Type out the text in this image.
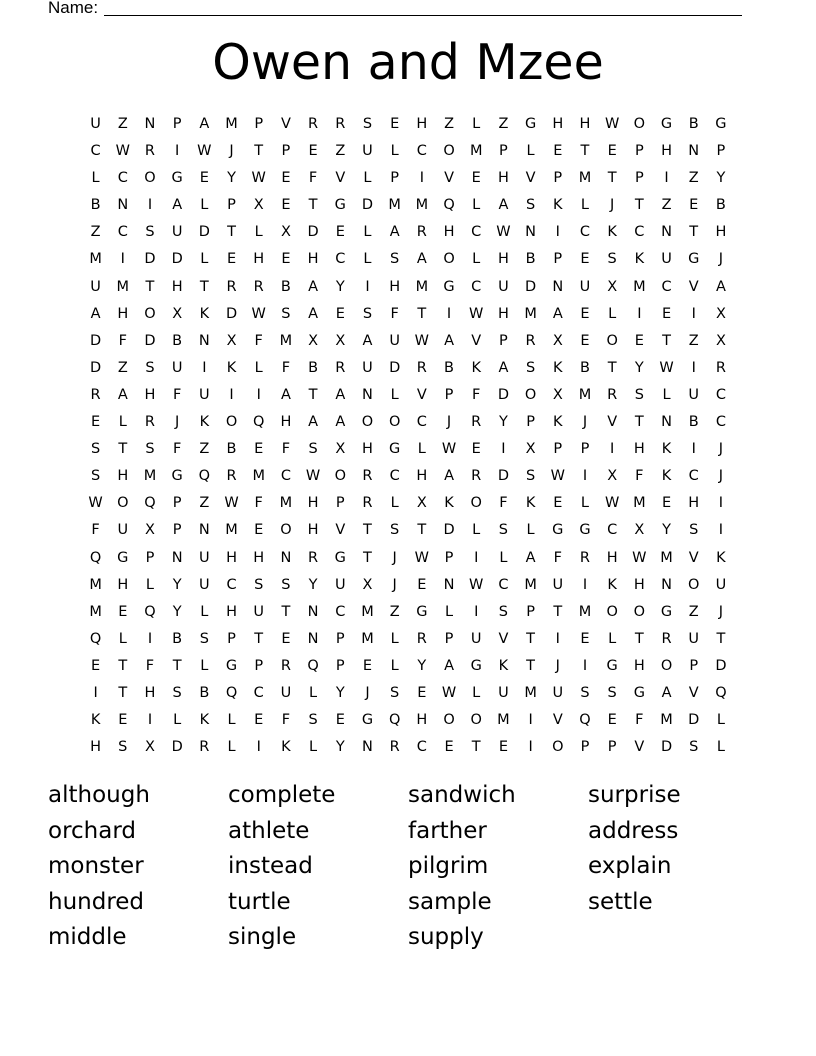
Name:
Owen and Mzee
U	Z	N	P	A	M	P	V	R	R	S	E	H	Z	L	Z	G	H	H	W O	G	B	G
C	W	R	I	W	J	T	P	E	Z	U	L	C	O	M	P	L	E	T	E	P	H	N	P
L	C	O	G	E	Y	W	E	F	V	L	P	I	V	E	H	V	P	M	T	P	I	Z	Y
B	N	I	A	L	P	X	E	T	G	D	M	M	Q	L	A	S	K	L	J	T	Z	E	B
Z	C	S	U	D	T	L	X	D	E	L	A	R	H	C	W	N	I	C	K	C	N	T	H
M	I	D	D	L	E	H	E	H	C	L	S	A	O	L	H	B	P	E	S	K	U	G	J
U	M	T	H	T	R	R	B	A	Y	I	H	M	G	C	U	D	N	U	X	M	C	V	A
A	H	O	X	K	D W	S	A	E	S	F	T	I	W	H	M	A	E	L	I	E	I	X
D	F	D	B	N	X	F	M	X	X	A	U	W	A	V	P	R	X	E	O	E	T	Z	X
D	Z	S	U	I	K	L	F	B	R	U	D	R	B	K	A	S	K	B	T	Y	W	I	R
R	A	H	F	U	I	I	A	T	A	N	L	V	P	F	D	O	X	M	R	S	L	U	C
E	L	R	J	K	O	Q	H	A	A	O	O	C	J	R	Y	P	K	J	V	T	N	B	C
S	T	S	F	Z	B	E	F	S	X	H	G	L	W	E	I	X	P	P	I	H	K	I	J
S	H	M	G	Q	R	M	C	W O	R	C	H	A	R	D	S	W	I	X	F	K	C	J
W O	Q	P	Z	W	F	M	H	P	R	L	X	K	O	F	K	E	L	W M	E	H	I
F	U	X	P	N	M	E	O	H	V	T	S	T	D	L	S	L	G	G	C	X	Y	S	I
Q	G	P	N	U	H	H	N	R	G	T	J	W	P	I	L	A	F	R	H	W M	V	K
M	H	L	Y	U	C	S	S	Y	U	X	J	E	N	W	C	M	U	I	K	H	N	O	U
M	E	Q	Y	L	H	U	T	N	C	M	Z	G	L	I	S	P	T	M	O	O	G	Z	J
Q	L	I	B	S	P	T	E	N	P	M	L	R	P	U	V	T	I	E	L	T	R	U	T
E	T	F	T	L	G	P	R	Q	P	E	L	Y	A	G	K	T	J	I	G	H	O	P	D
I	T	H	S	B	Q	C	U	L	Y	J	S	E	W	L	U	M	U	S	S	G	A	V	Q
K	E	I	L	K	L	E	F	S	E	G	Q	H	O	O	M	I	V	Q	E	F	M	D	L
H	S	X	D	R	L	I	K	L	Y	N	R	C	E	T	E	I	O	P	P	V	D	S	L
although	complete	sandwich	surprise
orchard	athlete	farther	address
monster	instead	pilgrim	explain
hundred	turtle	sample	settle
middle	single	supply
